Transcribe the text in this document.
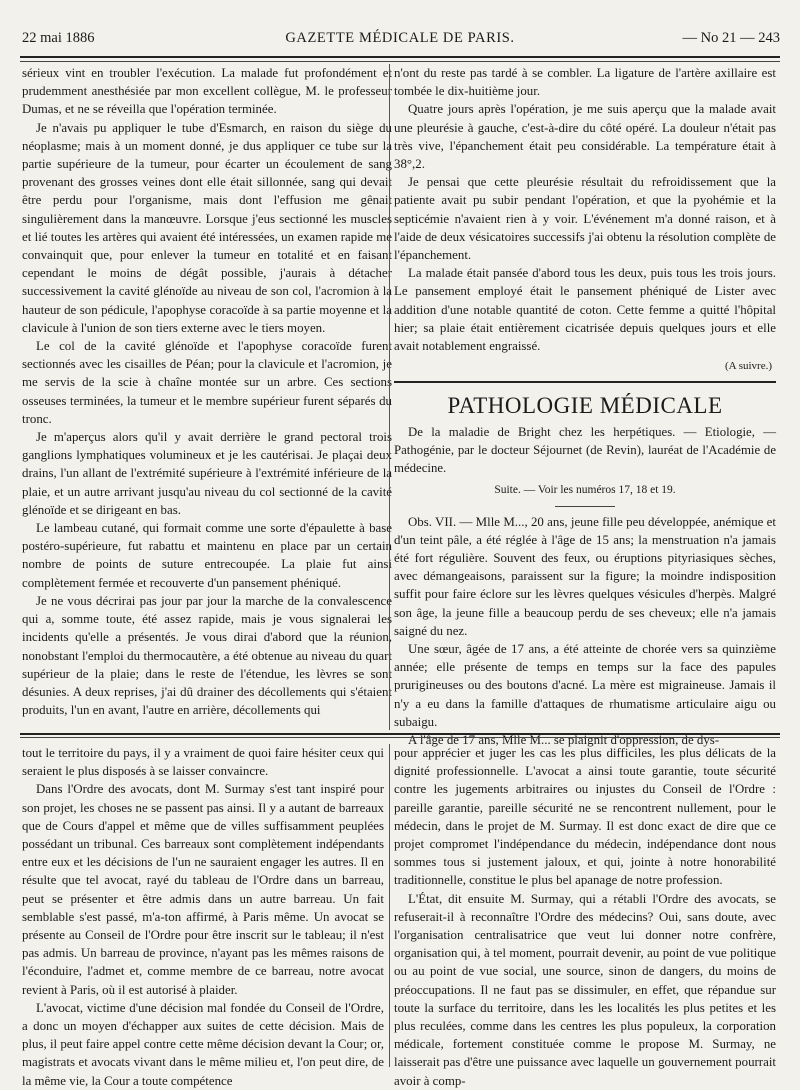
22 mai 1886	GAZETTE MÉDICALE DE PARIS.	— No 21 — 243

sérieux vint en troubler l'exécution. La malade fut profondément et prudemment anesthésiée par mon excellent collègue, M. le professeur Dumas, et ne se réveilla que l'opération terminée.

Je n'avais pu appliquer le tube d'Esmarch, en raison du siège du néoplasme; mais à un moment donné, je dus appliquer ce tube sur la partie supérieure de la tumeur, pour écarter un écoulement de sang provenant des grosses veines dont elle était sillonnée, sang qui devait être perdu pour l'organisme, mais dont l'effusion me gênait singulièrement dans la manœuvre. Lorsque j'eus sectionné les muscles et lié toutes les artères qui avaient été intéressées, un examen rapide me convainquit que, pour enlever la tumeur en totalité et en faisant cependant le moins de dégât possible, j'aurais à détacher successivement la cavité glénoïde au niveau de son col, l'acromion à la hauteur de son pédicule, l'apophyse coracoïde à sa partie moyenne et la clavicule à l'union de son tiers externe avec le tiers moyen.

Le col de la cavité glénoïde et l'apophyse coracoïde furent sectionnés avec les cisailles de Péan; pour la clavicule et l'acromion, je me servis de la scie à chaîne montée sur un arbre. Ces sections osseuses terminées, la tumeur et le membre supérieur furent séparés du tronc.

Je m'aperçus alors qu'il y avait derrière le grand pectoral trois ganglions lymphatiques volumineux et je les cautérisai. Je plaçai deux drains, l'un allant de l'extrémité supérieure à l'extrémité inférieure de la plaie, et un autre arrivant jusqu'au niveau du col sectionné de la cavité glénoïde et se dirigeant en bas.

Le lambeau cutané, qui formait comme une sorte d'épaulette à base postéro-supérieure, fut rabattu et maintenu en place par un certain nombre de points de suture entrecoupée. La plaie fut ainsi complètement fermée et recouverte d'un pansement phéniqué.

Je ne vous décrirai pas jour par jour la marche de la convalescence qui a, somme toute, été assez rapide, mais je vous signalerai les incidents qu'elle a présentés. Je vous dirai d'abord que la réunion, nonobstant l'emploi du thermocautère, a été obtenue au niveau du quart supérieur de la plaie; dans le reste de l'étendue, les lèvres se sont désunies. A deux reprises, j'ai dû drainer des décollements qui s'étaient produits, l'un en avant, l'autre en arrière, décollements qui

n'ont du reste pas tardé à se combler. La ligature de l'artère axillaire est tombée le dix-huitième jour.

Quatre jours après l'opération, je me suis aperçu que la malade avait une pleurésie à gauche, c'est-à-dire du côté opéré. La douleur n'était pas très vive, l'épanchement était peu considérable. La température était à 38°,2.

Je pensai que cette pleurésie résultait du refroidissement que la patiente avait pu subir pendant l'opération, et que la pyohémie et la septicémie n'avaient rien à y voir. L'événement m'a donné raison, et à l'aide de deux vésicatoires successifs j'ai obtenu la résolution complète de l'épanchement.

La malade était pansée d'abord tous les deux, puis tous les trois jours. Le pansement employé était le pansement phéniqué de Lister avec addition d'une notable quantité de coton. Cette femme a quitté l'hôpital hier; sa plaie était entièrement cicatrisée depuis quelques jours et elle avait notablement engraissé.

(A suivre.)
PATHOLOGIE MÉDICALE

De la maladie de Bright chez les herpétiques. — Etiologie, — Pathogénie, par le docteur Séjournet (de Revin), lauréat de l'Académie de médecine.

Suite. — Voir les numéros 17, 18 et 19.

Obs. VII. — Mlle M..., 20 ans, jeune fille peu développée, anémique et d'un teint pâle, a été réglée à l'âge de 15 ans; la menstruation n'a jamais été fort régulière. Souvent des feux, ou éruptions pityriasiques sèches, avec démangeaisons, paraissent sur la figure; la moindre indisposition suffit pour faire éclore sur les lèvres quelques vésicules d'herpès. Malgré son âge, la jeune fille a beaucoup perdu de ses cheveux; elle n'a jamais saigné du nez.

Une sœur, âgée de 17 ans, a été atteinte de chorée vers sa quinzième année; elle présente de temps en temps sur la face des papules prurigineuses ou des boutons d'acné. La mère est migraineuse. Jamais il n'y a eu dans la famille d'attaques de rhumatisme articulaire aigu ou subaigu.

A l'âge de 17 ans, Mlle M... se plaignit d'oppression, de dys-

tout le territoire du pays, il y a vraiment de quoi faire hésiter ceux qui seraient le plus disposés à se laisser convaincre.

Dans l'Ordre des avocats, dont M. Surmay s'est tant inspiré pour son projet, les choses ne se passent pas ainsi. Il y a autant de barreaux que de Cours d'appel et même que de villes suffisamment peuplées possédant un tribunal. Ces barreaux sont complètement indépendants entre eux et les décisions de l'un ne sauraient engager les autres. Il en résulte que tel avocat, rayé du tableau de l'Ordre dans un barreau, peut se présenter et être admis dans un autre barreau. Un fait semblable s'est passé, m'a-ton affirmé, à Paris même. Un avocat se présente au Conseil de l'Ordre pour être inscrit sur le tableau; il n'est pas admis. Un barreau de province, n'ayant pas les mêmes raisons de l'éconduire, l'admet et, comme membre de ce barreau, notre avocat revient à Paris, où il est autorisé à plaider.

L'avocat, victime d'une décision mal fondée du Conseil de l'Ordre, a donc un moyen d'échapper aux suites de cette décision. Mais de plus, il peut faire appel contre cette même décision devant la Cour; or, magistrats et avocats vivant dans le même milieu et, l'on peut dire, de la même vie, la Cour a toute compétence

pour apprécier et juger les cas les plus difficiles, les plus délicats de la dignité professionnelle. L'avocat a ainsi toute garantie, toute sécurité contre les jugements arbitraires ou injustes du Conseil de l'Ordre : pareille garantie, pareille sécurité ne se rencontrent nullement, pour le médecin, dans le projet de M. Surmay. Il est donc exact de dire que ce projet compromet l'indépendance du médecin, indépendance dont nous sommes tous si justement jaloux, et qui, jointe à notre honorabilité traditionnelle, constitue le plus bel apanage de notre profession.

L'État, dit ensuite M. Surmay, qui a rétabli l'Ordre des avocats, se refuserait-il à reconnaître l'Ordre des médecins? Oui, sans doute, avec l'organisation centralisatrice que veut lui donner notre confrère, organisation qui, à tel moment, pourrait devenir, au point de vue politique ou au point de vue social, une source, sinon de dangers, du moins de préoccupations. Il ne faut pas se dissimuler, en effet, que répandue sur toute la surface du territoire, dans les les localités les plus petites et les plus reculées, comme dans les centres les plus populeux, la corporation médicale, fortement constituée comme le propose M. Surmay, ne laisserait pas d'être une puissance avec laquelle un gouvernement pourrait avoir à comp-
